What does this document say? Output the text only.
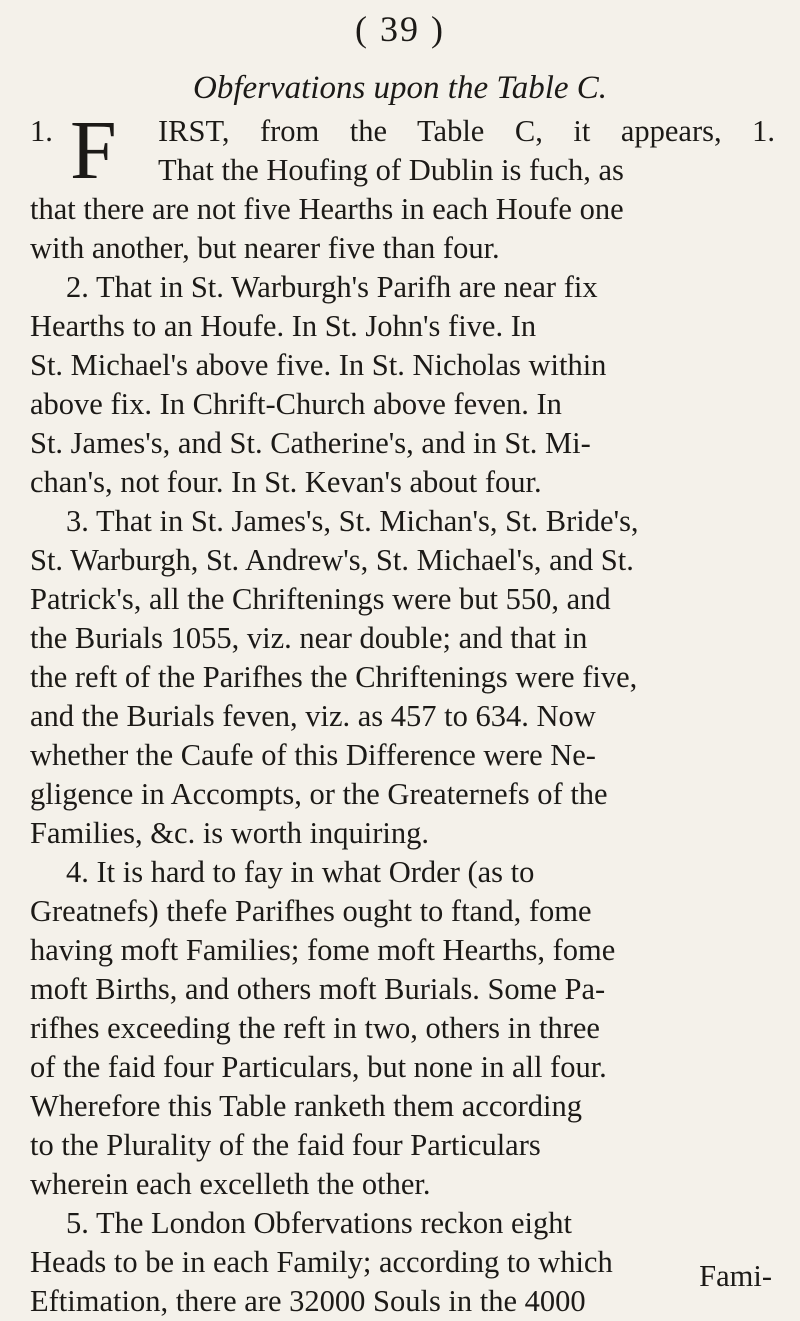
( 39 )
Obfervations upon the Table C.
1. F IRST, from the Table C, it appears, 1.
That the Houfing of Dublin is fuch, as
that there are not five Hearths in each Houfe one
with another, but nearer five than four.
2. That in St. Warburgh's Parifh are near fix
Hearths to an Houfe. In St. John's five. In
St. Michael's above five. In St. Nicholas within
above fix. In Chrift-Church above feven. In
St. James's, and St. Catherine's, and in St. Mi-
chan's, not four. In St. Kevan's about four.
3. That in St. James's, St. Michan's, St. Bride's,
St. Warburgh, St. Andrew's, St. Michael's, and St.
Patrick's, all the Chriftenings were but 550, and
the Burials 1055, viz. near double; and that in
the reft of the Parifhes the Chriftenings were five,
and the Burials feven, viz. as 457 to 634. Now
whether the Caufe of this Difference were Ne-
gligence in Accompts, or the Greaternefs of the
Families, &c. is worth inquiring.
4. It is hard to fay in what Order (as to
Greatnefs) thefe Parifhes ought to ftand, fome
having moft Families; fome moft Hearths, fome
moft Births, and others moft Burials. Some Pa-
rifhes exceeding the reft in two, others in three
of the faid four Particulars, but none in all four.
Wherefore this Table ranketh them according
to the Plurality of the faid four Particulars
wherein each excelleth the other.
5. The London Obfervations reckon eight
Heads to be in each Family; according to which
Eftimation, there are 32000 Souls in the 4000
Fami-
